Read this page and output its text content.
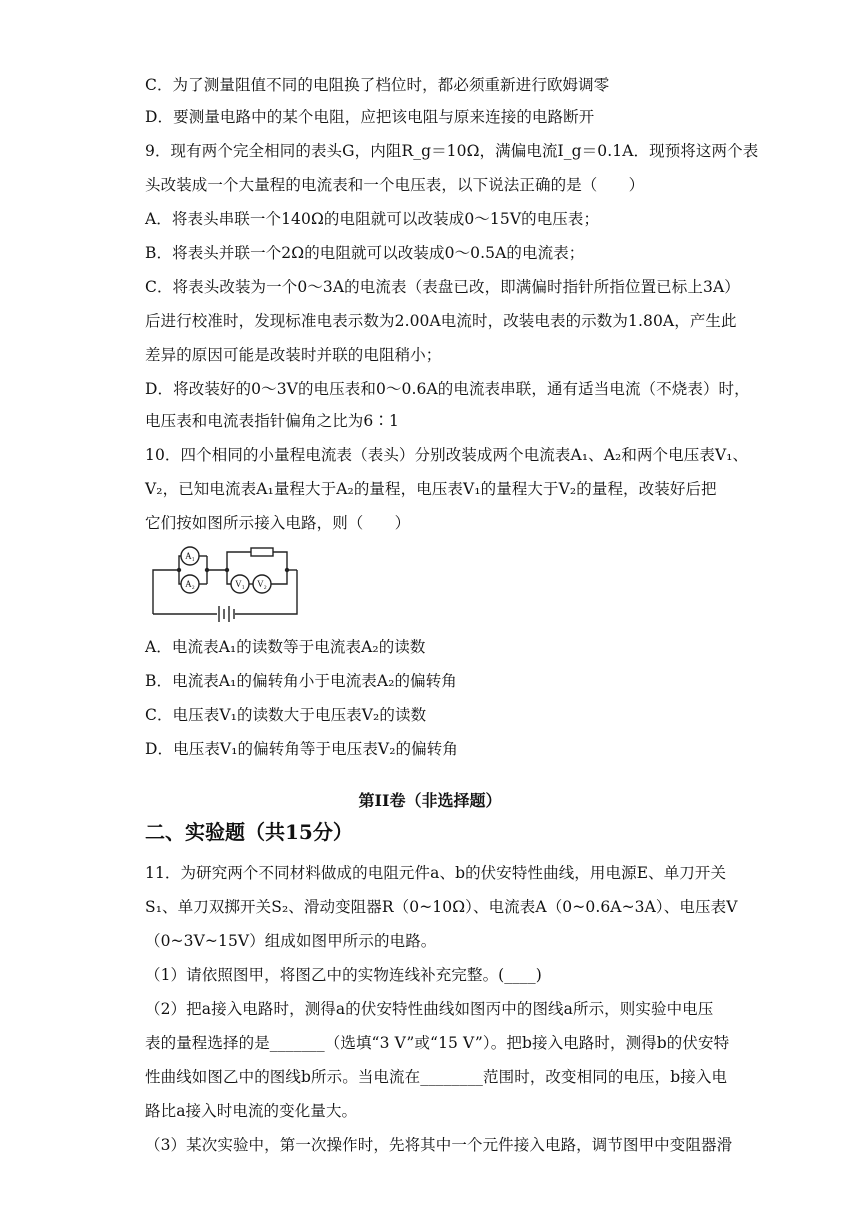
C．为了测量阻值不同的电阻换了档位时，都必须重新进行欧姆调零
D．要测量电路中的某个电阻，应把该电阻与原来连接的电路断开
9．现有两个完全相同的表头G，内阻R_g＝10Ω，满偏电流I_g＝0.1A．现预将这两个表
头改装成一个大量程的电流表和一个电压表，以下说法正确的是（　　）
A．将表头串联一个140Ω的电阻就可以改装成0～15V的电压表；
B．将表头并联一个2Ω的电阻就可以改装成0～0.5A的电流表；
C．将表头改装为一个0～3A的电流表（表盘已改，即满偏时指针所指位置已标上3A）
后进行校准时，发现标准电表示数为2.00A电流时，改装电表的示数为1.80A，产生此
差异的原因可能是改装时并联的电阻稍小；
D．将改装好的0～3V的电压表和0～0.6A的电流表串联，通有适当电流（不烧表）时，
电压表和电流表指针偏角之比为6∶1
10．四个相同的小量程电流表（表头）分别改装成两个电流表A₁、A₂和两个电压表V₁、
V₂，已知电流表A₁量程大于A₂的量程，电压表V₁的量程大于V₂的量程，改装好后把
它们按如图所示接入电路，则（　　）
A₁
A₂	V₁ V₂
A．电流表A₁的读数等于电流表A₂的读数
B．电流表A₁的偏转角小于电流表A₂的偏转角
C．电压表V₁的读数大于电压表V₂的读数
D．电压表V₁的偏转角等于电压表V₂的偏转角
第II卷（非选择题）
二、实验题（共15分）
11．为研究两个不同材料做成的电阻元件a、b的伏安特性曲线，用电源E、单刀开关
S₁、单刀双掷开关S₂、滑动变阻器R（0~10Ω）、电流表A（0~0.6A~3A）、电压表V
（0~3V~15V）组成如图甲所示的电路。
（1）请依照图甲，将图乙中的实物连线补充完整。(____)
（2）把a接入电路时，测得a的伏安特性曲线如图丙中的图线a所示，则实验中电压
表的量程选择的是_______（选填“3 V”或“15 V”）。把b接入电路时，测得b的伏安特
性曲线如图乙中的图线b所示。当电流在________范围时，改变相同的电压，b接入电
路比a接入时电流的变化量大。
（3）某次实验中，第一次操作时，先将其中一个元件接入电路，调节图甲中变阻器滑
